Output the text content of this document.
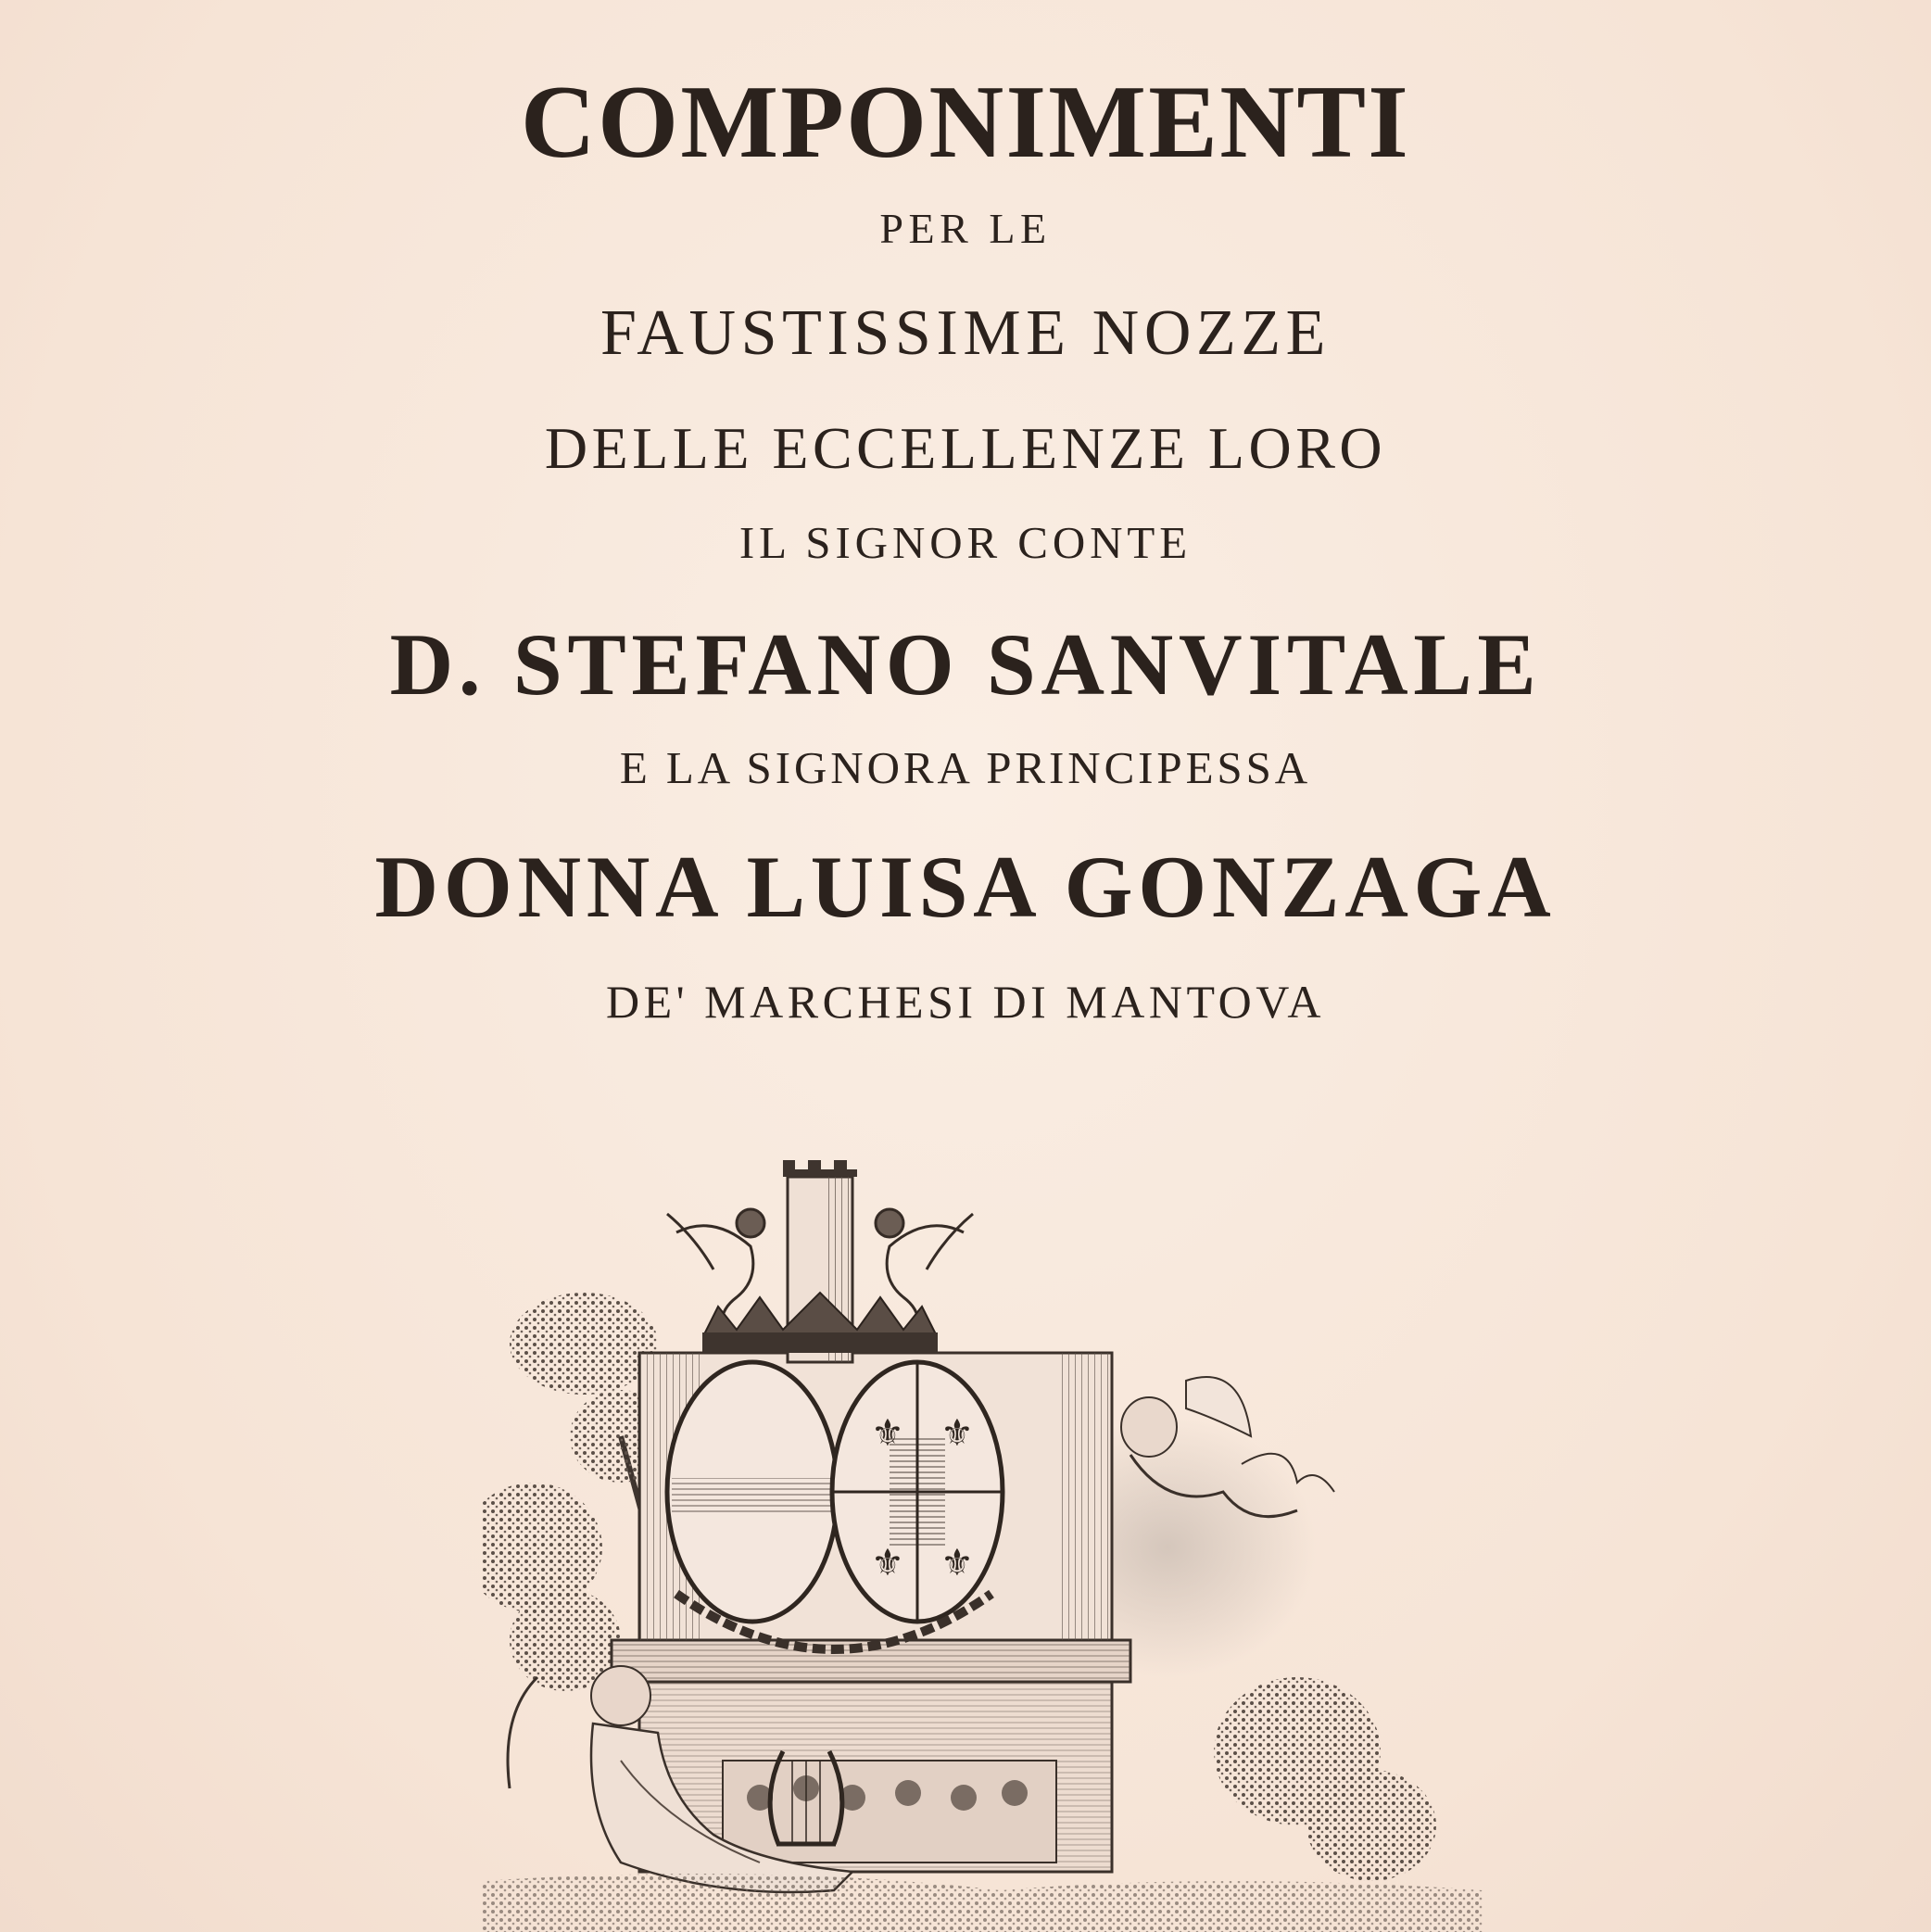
COMPONIMENTI
PER LE
FAUSTISSIME NOZZE
DELLE ECCELLENZE LORO
IL SIGNOR CONTE
D. STEFANO SANVITALE
E LA SIGNORA PRINCIPESSA
DONNA LUISA GONZAGA
DE' MARCHESI DI MANTOVA
⚜ ⚜
⚜ ⚜
